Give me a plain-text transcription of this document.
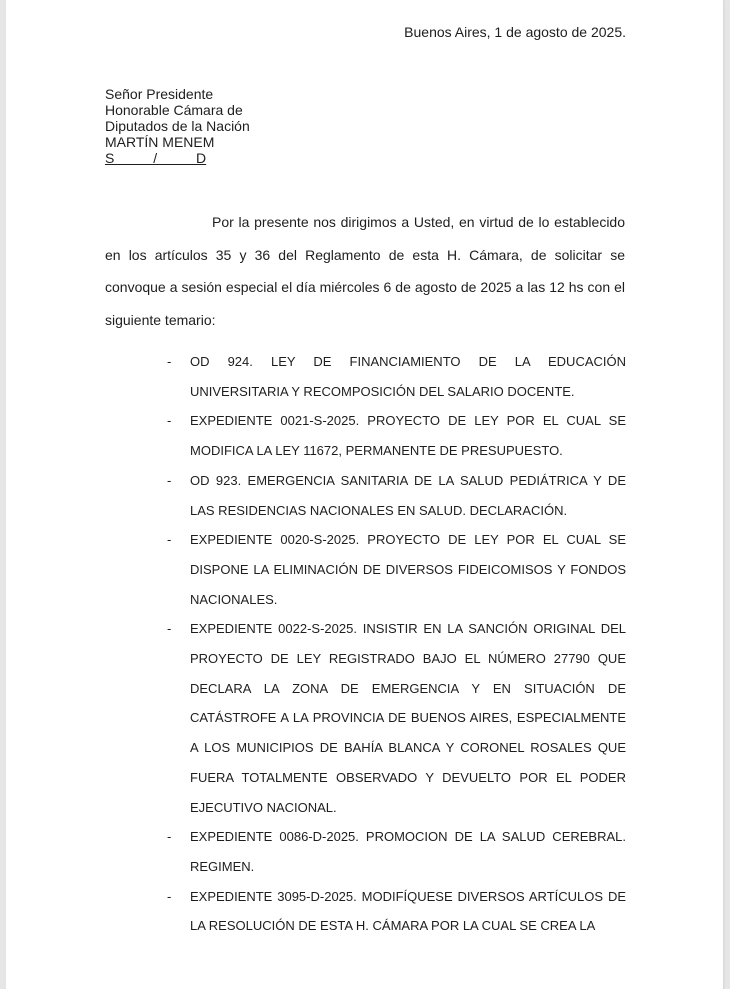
Buenos Aires, 1 de agosto de 2025.
Señor Presidente
Honorable Cámara de
Diputados de la Nación
MARTÍN MENEM
S          /          D

Por la presente nos dirigimos a Usted, en virtud de lo establecido en los artículos 35 y 36 del Reglamento de esta H. Cámara, de solicitar se convoque a sesión especial el día miércoles 6 de agosto de 2025 a las 12 hs con el siguiente temario:

- OD 924. LEY DE FINANCIAMIENTO DE LA EDUCACIÓN UNIVERSITARIA Y RECOMPOSICIÓN DEL SALARIO DOCENTE.
- EXPEDIENTE 0021-S-2025. PROYECTO DE LEY POR EL CUAL SE MODIFICA LA LEY 11672, PERMANENTE DE PRESUPUESTO.
- OD 923. EMERGENCIA SANITARIA DE LA SALUD PEDIÁTRICA Y DE LAS RESIDENCIAS NACIONALES EN SALUD. DECLARACIÓN.
- EXPEDIENTE 0020-S-2025. PROYECTO DE LEY POR EL CUAL SE DISPONE LA ELIMINACIÓN DE DIVERSOS FIDEICOMISOS Y FONDOS NACIONALES.
- EXPEDIENTE 0022-S-2025. INSISTIR EN LA SANCIÓN ORIGINAL DEL PROYECTO DE LEY REGISTRADO BAJO EL NÚMERO 27790 QUE DECLARA LA ZONA DE EMERGENCIA Y EN SITUACIÓN DE CATÁSTROFE A LA PROVINCIA DE BUENOS AIRES, ESPECIALMENTE A LOS MUNICIPIOS DE BAHÍA BLANCA Y CORONEL ROSALES QUE FUERA TOTALMENTE OBSERVADO Y DEVUELTO POR EL PODER EJECUTIVO NACIONAL.
- EXPEDIENTE 0086-D-2025. PROMOCION DE LA SALUD CEREBRAL. REGIMEN.
- EXPEDIENTE 3095-D-2025. MODIFÍQUESE DIVERSOS ARTÍCULOS DE LA RESOLUCIÓN DE ESTA H. CÁMARA POR LA CUAL SE CREA LA
